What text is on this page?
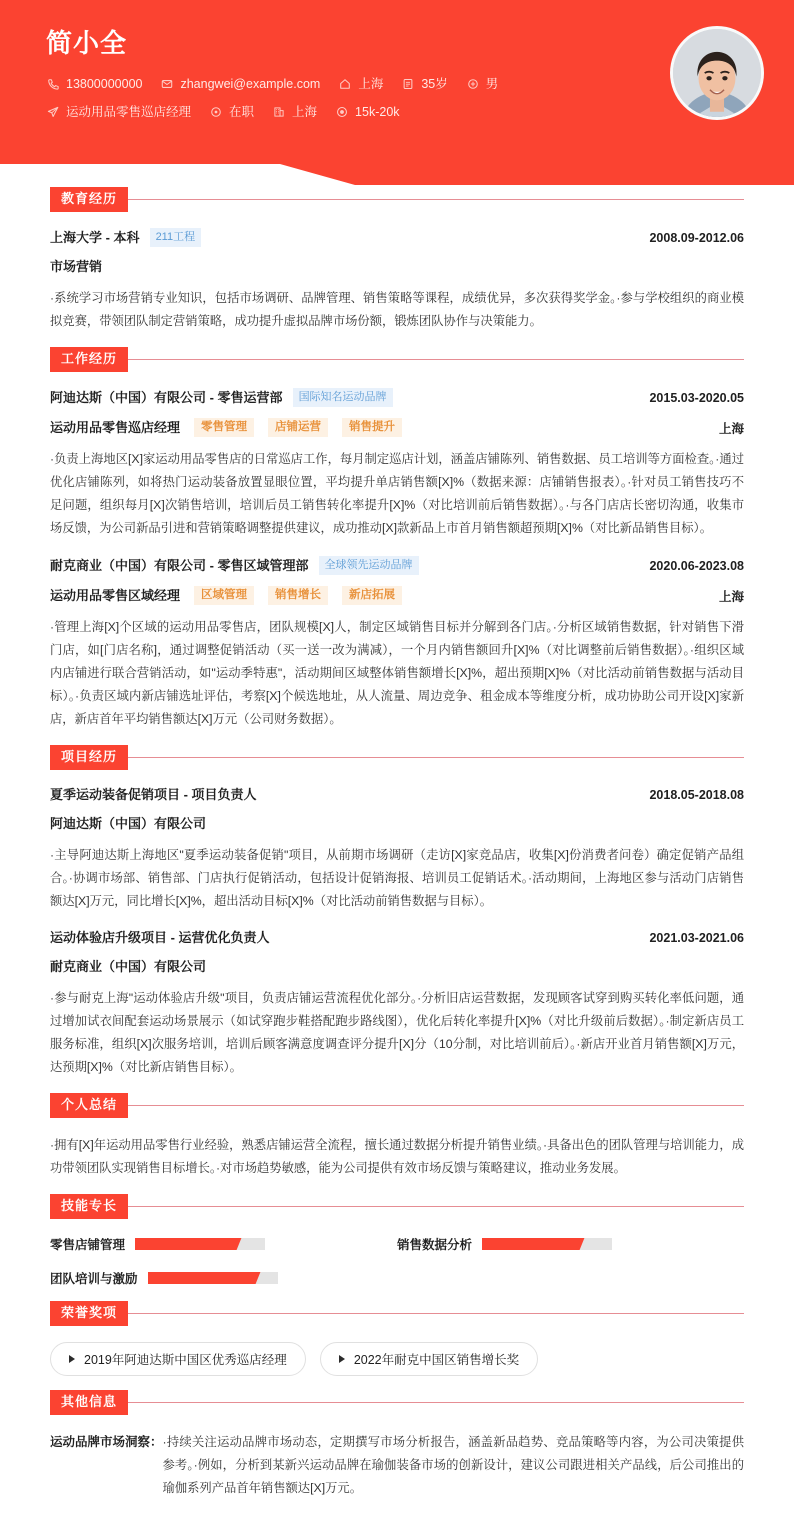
简小全
13800000000	zhangwei@example.com	上海	35岁	男
运动用品零售巡店经理	在职	上海	15k-20k
教育经历
上海大学 - 本科	211工程	2008.09-2012.06
市场营销
·系统学习市场营销专业知识，包括市场调研、品牌管理、销售策略等课程，成绩优异，多次获得奖学金。·参与学校组织的商业模拟竞赛，带领团队制定营销策略，成功提升虚拟品牌市场份额，锻炼团队协作与决策能力。
工作经历
阿迪达斯（中国）有限公司 - 零售运营部	国际知名运动品牌	2015.03-2020.05
运动用品零售巡店经理	零售管理	店铺运营	销售提升	上海
·负责上海地区[X]家运动用品零售店的日常巡店工作，每月制定巡店计划，涵盖店铺陈列、销售数据、员工培训等方面检查。·通过优化店铺陈列，如将热门运动装备放置显眼位置，平均提升单店销售额[X]%（数据来源：店铺销售报表）。·针对员工销售技巧不足问题，组织每月[X]次销售培训，培训后员工销售转化率提升[X]%（对比培训前后销售数据）。·与各门店店长密切沟通，收集市场反馈，为公司新品引进和营销策略调整提供建议，成功推动[X]款新品上市首月销售额超预期[X]%（对比新品销售目标）。
耐克商业（中国）有限公司 - 零售区域管理部	全球领先运动品牌	2020.06-2023.08
运动用品零售区域经理	区域管理	销售增长	新店拓展	上海
·管理上海[X]个区域的运动用品零售店，团队规模[X]人，制定区域销售目标并分解到各门店。·分析区域销售数据，针对销售下滑门店，如[门店名称]，通过调整促销活动（买一送一改为满减），一个月内销售额回升[X]%（对比调整前后销售数据）。·组织区域内店铺进行联合营销活动，如"运动季特惠"，活动期间区域整体销售额增长[X]%，超出预期[X]%（对比活动前销售数据与活动目标）。·负责区域内新店铺选址评估，考察[X]个候选地址，从人流量、周边竞争、租金成本等维度分析，成功协助公司开设[X]家新店，新店首年平均销售额达[X]万元（公司财务数据）。
项目经历
夏季运动装备促销项目 - 项目负责人	2018.05-2018.08
阿迪达斯（中国）有限公司
·主导阿迪达斯上海地区"夏季运动装备促销"项目，从前期市场调研（走访[X]家竞品店，收集[X]份消费者问卷）确定促销产品组合。·协调市场部、销售部、门店执行促销活动，包括设计促销海报、培训员工促销话术。·活动期间，上海地区参与活动门店销售额达[X]万元，同比增长[X]%，超出活动目标[X]%（对比活动前销售数据与目标）。
运动体验店升级项目 - 运营优化负责人	2021.03-2021.06
耐克商业（中国）有限公司
·参与耐克上海"运动体验店升级"项目，负责店铺运营流程优化部分。·分析旧店运营数据，发现顾客试穿到购买转化率低问题，通过增加试衣间配套运动场景展示（如试穿跑步鞋搭配跑步路线图），优化后转化率提升[X]%（对比升级前后数据）。·制定新店员工服务标准，组织[X]次服务培训，培训后顾客满意度调查评分提升[X]分（10分制，对比培训前后）。·新店开业首月销售额[X]万元，达预期[X]%（对比新店销售目标）。
个人总结
·拥有[X]年运动用品零售行业经验，熟悉店铺运营全流程，擅长通过数据分析提升销售业绩。·具备出色的团队管理与培训能力，成功带领团队实现销售目标增长。·对市场趋势敏感，能为公司提供有效市场反馈与策略建议，推动业务发展。
技能专长
零售店铺管理	销售数据分析
团队培训与激励
荣誉奖项
2019年阿迪达斯中国区优秀巡店经理	2022年耐克中国区销售增长奖
其他信息
运动品牌市场洞察： ·持续关注运动品牌市场动态，定期撰写市场分析报告，涵盖新品趋势、竞品策略等内容，为公司决策提供参考。·例如，分析到某新兴运动品牌在瑜伽装备市场的创新设计，建议公司跟进相关产品线，后公司推出的瑜伽系列产品首年销售额达[X]万元。
